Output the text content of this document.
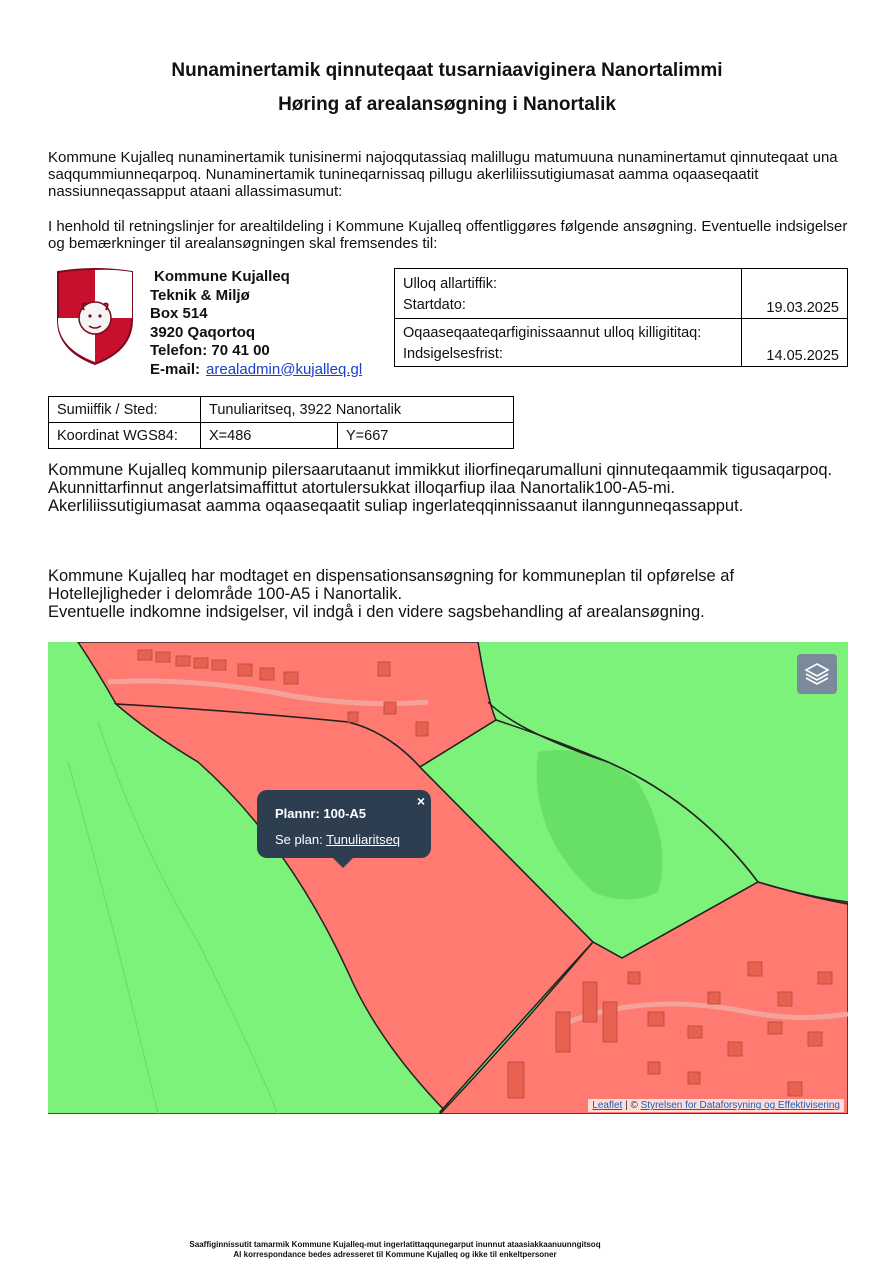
Nunaminertamik qinnuteqaat tusarniaaviginera Nanortalimmi
Høring af arealansøgning i Nanortalik

Kommune Kujalleq nunaminertamik tunisinermi najoqqutassiaq malillugu matumuuna nunaminertamut qinnuteqaat una saqqummiunneqarpoq. Nunaminertamik tunineqarnissaq pillugu akerliliissutigiumasat aamma oqaaseqaatit nassiunneqassapput ataani allassimasumut:

I henhold til retningslinjer for arealtildeling i Kommune Kujalleq offentliggøres følgende ansøgning. Eventuelle indsigelser og bemærkninger til arealansøgningen skal fremsendes til:

Kommune Kujalleq
Teknik & Miljø
Box 514
3920 Qaqortoq
Telefon: 70 41 00
E-mail: arealadmin@kujalleq.gl
Ulloq allartiffik:
Startdato:	19.03.2025

Oqaaseqaateqarfiginissaannut ulloq killigititaq:
Indsigelsesfrist:	14.05.2025
Sumiiffik / Sted:	Tunuliaritseq, 3922 Nanortalik	
Koordinat WGS84:	X=486	Y=667

Kommune Kujalleq kommunip pilersaarutaanut immikkut iliorfineqarumalluni qinnuteqaammik tigusaqarpoq.

Akunnittarfinnut angerlatsimaffittut atortulersukkat illoqarfiup ilaa Nanortalik100-A5-mi.

Akerliliissutigiumasat aamma oqaaseqaatit suliap ingerlateqqinnissaanut ilanngunneqassapput.

Kommune Kujalleq har modtaget en dispensationsansøgning for kommuneplan til opførelse af

Hotellejligheder i delområde 100-A5 i Nanortalik.

Eventuelle indkomne indsigelser, vil indgå i den videre sagsbehandling af arealansøgning.

×
Plannr: 100-A5
Se plan: Tunuliaritseq
Leaflet | © Styrelsen for Dataforsyning og Effektivisering
Saaffiginnissutit tamarmik Kommune Kujalleq-mut ingerlatittaqqunegarput inunnut ataasiakkaanuunngitsoq
Al korrespondance bedes adresseret til Kommune Kujalleq og ikke til enkeltpersoner
